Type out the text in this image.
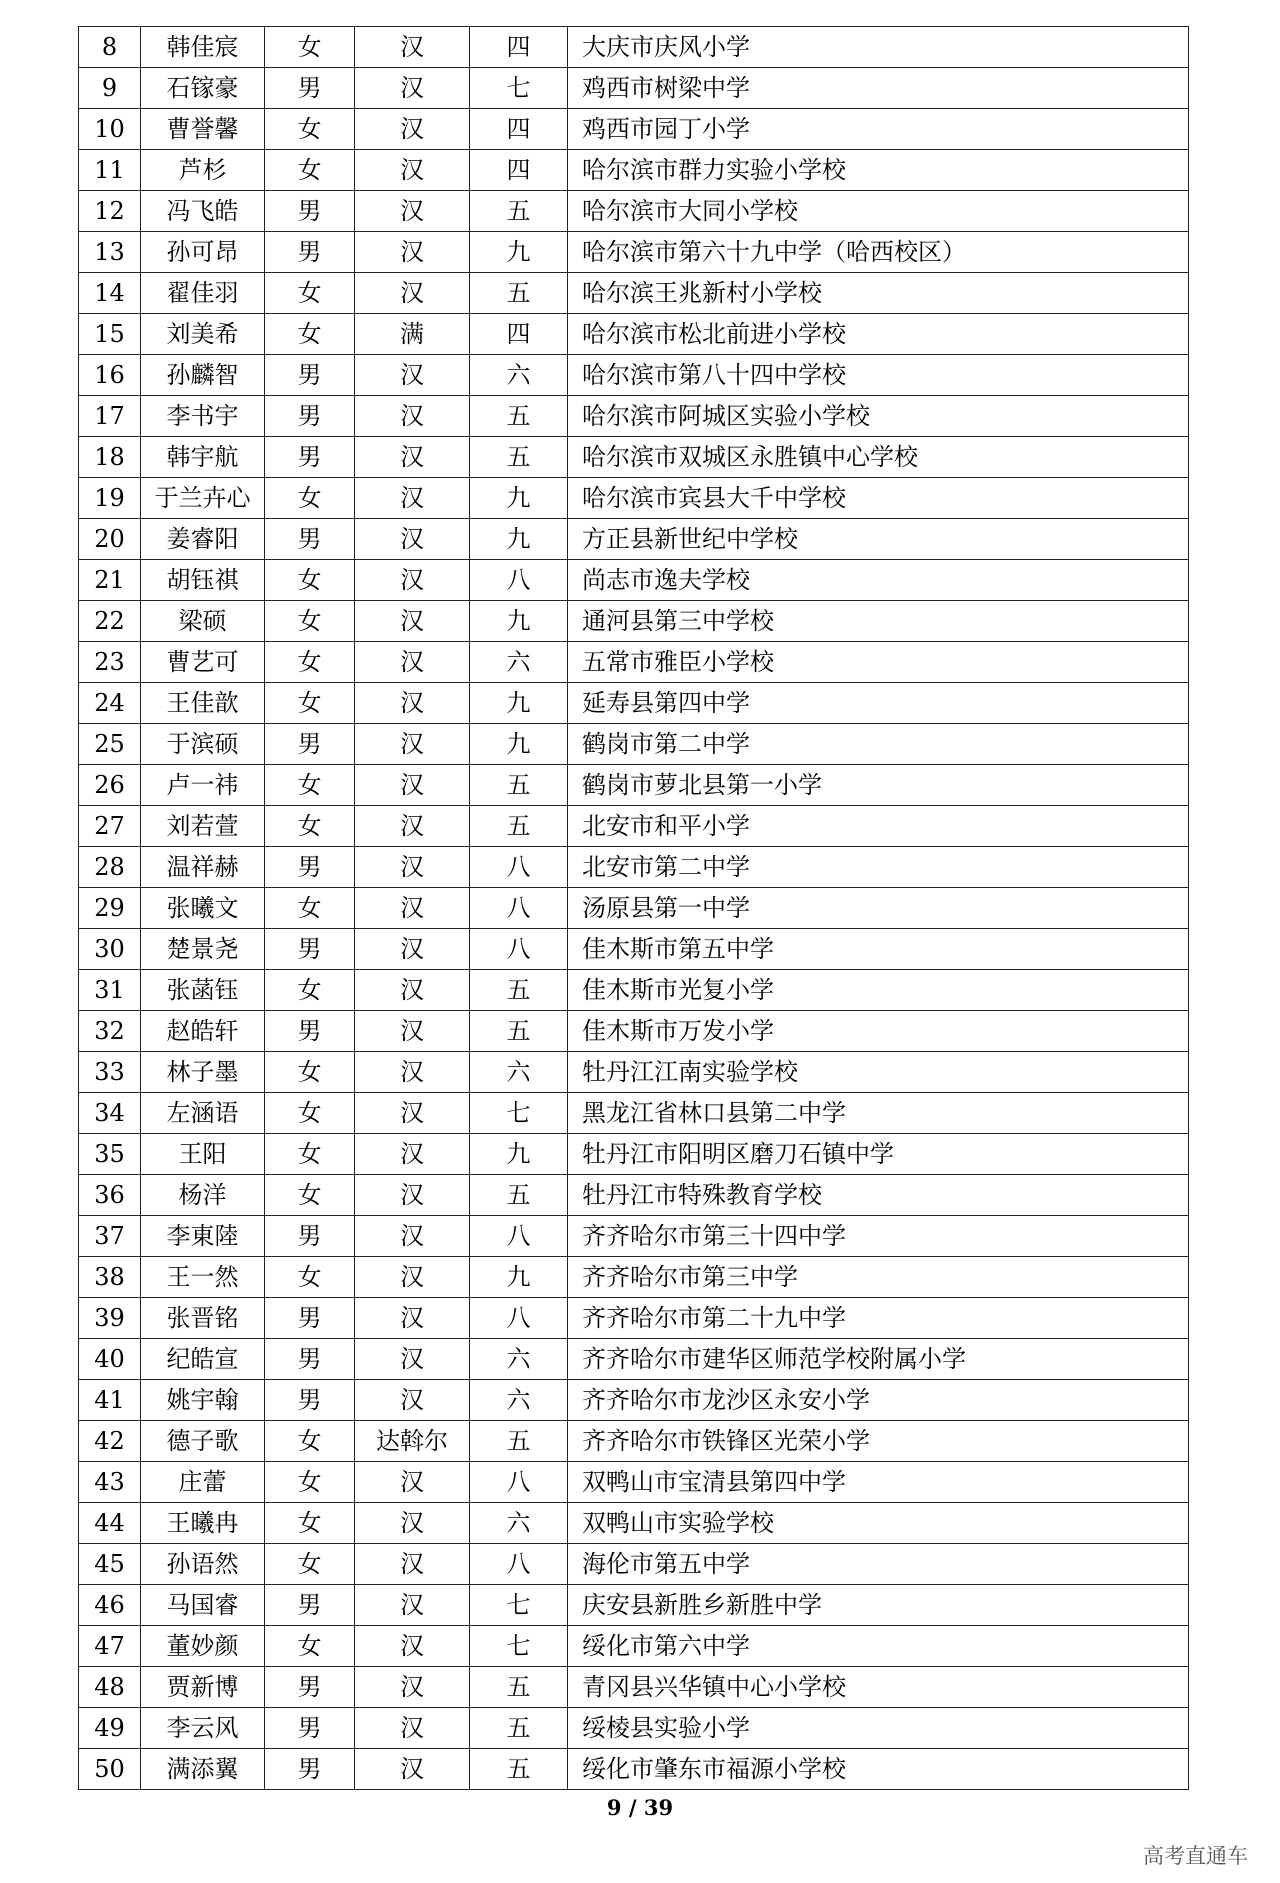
8	韩佳宸	女	汉	四	大庆市庆风小学
9	石镓豪	男	汉	七	鸡西市树梁中学
10	曹誉馨	女	汉	四	鸡西市园丁小学
11	芦杉	女	汉	四	哈尔滨市群力实验小学校
12	冯飞皓	男	汉	五	哈尔滨市大同小学校
13	孙可昂	男	汉	九	哈尔滨市第六十九中学（哈西校区）
14	翟佳羽	女	汉	五	哈尔滨王兆新村小学校
15	刘美希	女	满	四	哈尔滨市松北前进小学校
16	孙麟智	男	汉	六	哈尔滨市第八十四中学校
17	李书宇	男	汉	五	哈尔滨市阿城区实验小学校
18	韩宇航	男	汉	五	哈尔滨市双城区永胜镇中心学校
19	于兰卉心	女	汉	九	哈尔滨市宾县大千中学校
20	姜睿阳	男	汉	九	方正县新世纪中学校
21	胡钰祺	女	汉	八	尚志市逸夫学校
22	梁硕	女	汉	九	通河县第三中学校
23	曹艺可	女	汉	六	五常市雅臣小学校
24	王佳歆	女	汉	九	延寿县第四中学
25	于滨硕	男	汉	九	鹤岗市第二中学
26	卢一祎	女	汉	五	鹤岗市萝北县第一小学
27	刘若萱	女	汉	五	北安市和平小学
28	温祥赫	男	汉	八	北安市第二中学
29	张曦文	女	汉	八	汤原县第一中学
30	楚景尧	男	汉	八	佳木斯市第五中学
31	张菡钰	女	汉	五	佳木斯市光复小学
32	赵皓轩	男	汉	五	佳木斯市万发小学
33	林子墨	女	汉	六	牡丹江江南实验学校
34	左涵语	女	汉	七	黑龙江省林口县第二中学
35	王阳	女	汉	九	牡丹江市阳明区磨刀石镇中学
36	杨洋	女	汉	五	牡丹江市特殊教育学校
37	李東陸	男	汉	八	齐齐哈尔市第三十四中学
38	王一然	女	汉	九	齐齐哈尔市第三中学
39	张晋铭	男	汉	八	齐齐哈尔市第二十九中学
40	纪皓宣	男	汉	六	齐齐哈尔市建华区师范学校附属小学
41	姚宇翰	男	汉	六	齐齐哈尔市龙沙区永安小学
42	德子歌	女	达斡尔	五	齐齐哈尔市铁锋区光荣小学
43	庄蕾	女	汉	八	双鸭山市宝清县第四中学
44	王曦冉	女	汉	六	双鸭山市实验学校
45	孙语然	女	汉	八	海伦市第五中学
46	马国睿	男	汉	七	庆安县新胜乡新胜中学
47	董妙颜	女	汉	七	绥化市第六中学
48	贾新博	男	汉	五	青冈县兴华镇中心小学校
49	李云风	男	汉	五	绥棱县实验小学
50	满添翼	男	汉	五	绥化市肇东市福源小学校
9 / 39
高考直通车
